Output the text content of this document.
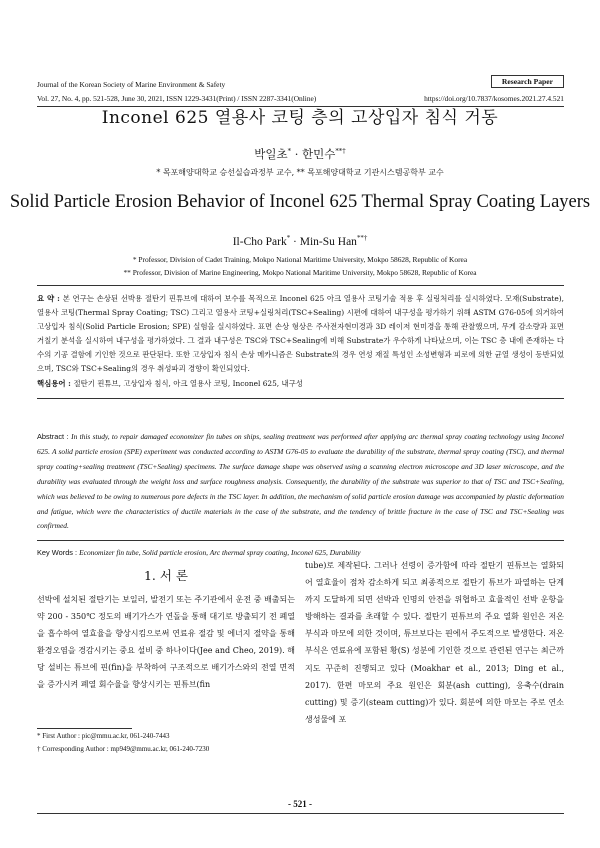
Journal of the Korean Society of Marine Environment & Safety	Research Paper
Vol. 27, No. 4, pp. 521-528, June 30, 2021, ISSN 1229-3431(Print) / ISSN 2287-3341(Online)	https://doi.org/10.7837/kosomes.2021.27.4.521
Inconel 625 열용사 코팅 층의 고상입자 침식 거동
박일초* · 한민수**†
* 목포해양대학교 승선실습과정부 교수, ** 목포해양대학교 기관시스템공학부 교수
Solid Particle Erosion Behavior of Inconel 625 Thermal Spray Coating Layers
Il-Cho Park* · Min-Su Han**†
* Professor, Division of Cadet Training, Mokpo National Maritime University, Mokpo 58628, Republic of Korea
** Professor, Division of Marine Engineering, Mokpo National Maritime University, Mokpo 58628, Republic of Korea
요 약 : 본 연구는 손상된 선박용 절탄기 핀튜브에 대하여 보수를 목적으로 Inconel 625 아크 열용사 코팅기술 적용 후 실링처리를 실시하였다. 모재(Substrate), 열용사 코팅(Thermal Spray Coating; TSC) 그리고 열용사 코팅+실링처리(TSC+Sealing) 시편에 대하여 내구성을 평가하기 위해 ASTM G76-05에 의거하여 고상입자 침식(Solid Particle Erosion; SPE) 실험을 실시하였다. 표면 손상 형상은 주사전자현미경과 3D 레이저 현미경을 통해 관찰했으며, 무게 감소량과 표면 거칠기 분석을 실시하여 내구성을 평가하였다. 그 결과 내구성은 TSC와 TSC+Sealing에 비해 Substrate가 우수하게 나타났으며, 이는 TSC 층 내에 존재하는 다수의 기공 결함에 기인한 것으로 판단된다. 또한 고상입자 침식 손상 메카니즘은 Substrate의 경우 연성 재질 특성인 소성변형과 피로에 의한 균열 생성이 동반되었으며, TSC와 TSC+Sealing의 경우 취성파괴 경향이 확인되었다.
핵심용어 : 절탄기 핀튜브, 고상입자 침식, 아크 열용사 코팅, Inconel 625, 내구성
Abstract : In this study, to repair damaged economizer fin tubes on ships, sealing treatment was performed after applying arc thermal spray coating technology using Inconel 625. A solid particle erosion (SPE) experiment was conducted according to ASTM G76-05 to evaluate the durability of the substrate, thermal spray coating (TSC), and thermal spray coating+sealing treatment (TSC+Sealing) specimens. The surface damage shape was observed using a scanning electron microscope and 3D laser microscope, and the durability was evaluated through the weight loss and surface roughness analysis. Consequently, the durability of the substrate was superior to that of TSC and TSC+Sealing, which was believed to be owing to numerous pore defects in the TSC layer. In addition, the mechanism of solid particle erosion damage was accompanied by plastic deformation and fatigue, which were the characteristics of ductile materials in the case of the substrate, and the tendency of brittle fracture in the case of TSC and TSC+Sealing was confirmed.
Key Words : Economizer fin tube, Solid particle erosion, Arc thermal spray coating, Inconel 625, Durability
1. 서 론
선박에 설치된 절탄기는 보일러, 발전기 또는 주기관에서 운전 중 배출되는 약 200 - 350℃ 정도의 배기가스가 연돌을 통해 대기로 방출되기 전 폐열을 흡수하여 열효율을 향상시킴으로써 연료유 절감 및 에너지 절약을 통해 환경오염을 경감시키는 중요 설비 중 하나이다(Jee and Cheo, 2019). 해당 설비는 튜브에 핀(fin)을 부착하여 구조적으로 배기가스와의 전열 면적을 증가시켜 폐열 회수율을 향상시키는 핀튜브(fin
tube)로 제작된다. 그러나 선령이 증가함에 따라 절탄기 핀튜브는 열화되어 열효율이 점차 감소하게 되고 최종적으로 절탄기 튜브가 파열하는 단계까지 도달하게 되면 선박과 인명의 안전을 위협하고 효율적인 선박 운항을 방해하는 결과를 초래할 수 있다. 절탄기 핀튜브의 주요 열화 원인은 저온부식과 마모에 의한 것이며, 튜브보다는 핀에서 주도적으로 발생한다. 저온부식은 연료유에 포함된 황(S) 성분에 기인한 것으로 관련된 연구는 최근까지도 꾸준히 진행되고 있다 (Moakhar et al., 2013; Ding et al., 2017). 한편 마모의 주요 원인은 회분(ash cutting), 응축수(drain cutting) 및 증기(steam cutting)가 있다. 회분에 의한 마모는 주로 연소 생성물에 포
* First Author : pic@mmu.ac.kr, 061-240-7443
† Corresponding Author : mp949@mmu.ac.kr, 061-240-7230
- 521 -
